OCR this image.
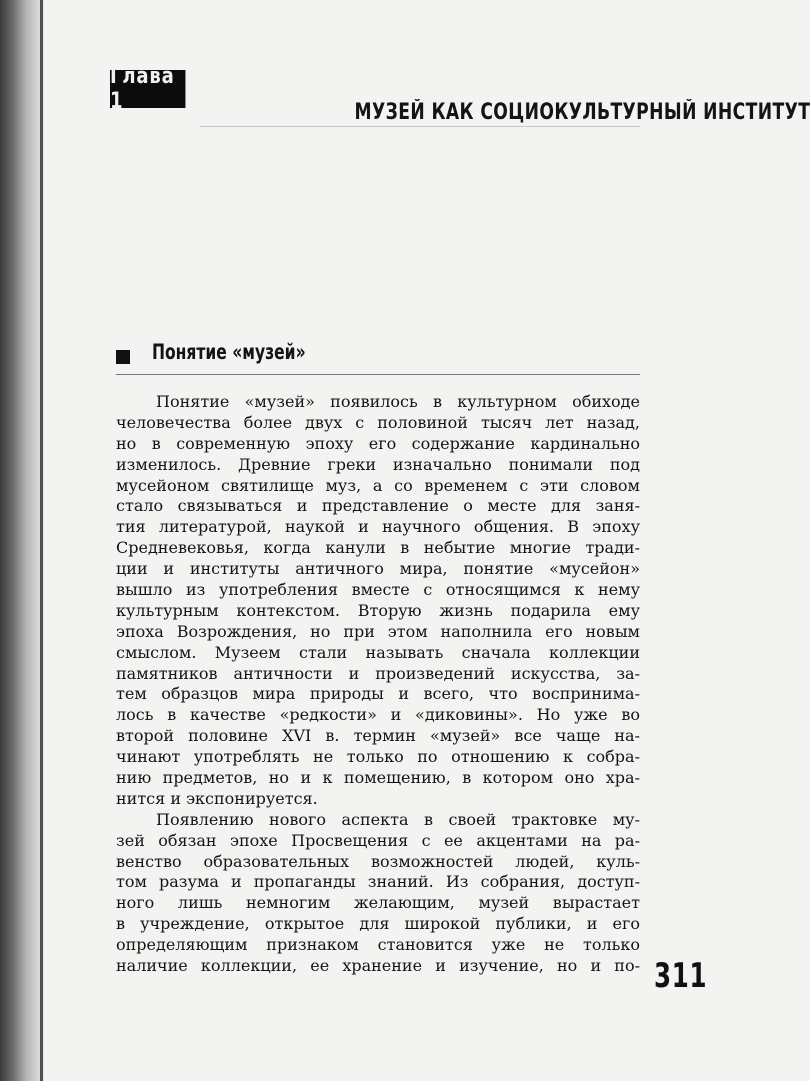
Глава 1	МУЗЕЙ КАК СОЦИОКУЛЬТУРНЫЙ ИНСТИТУТ
Понятие «музей»
Понятие «музей» появилось в культурном обиходе
человечества более двух с половиной тысяч лет назад,
но в современную эпоху его содержание кардинально
изменилось. Древние греки изначально понимали под
мусейоном святилище муз, а со временем с эти словом
стало связываться и представление о месте для заня-
тия литературой, наукой и научного общения. В эпоху
Средневековья, когда канули в небытие многие тради-
ции и институты античного мира, понятие «мусейон»
вышло из употребления вместе с относящимся к нему
культурным контекстом. Вторую жизнь подарила ему
эпоха Возрождения, но при этом наполнила его новым
смыслом. Музеем стали называть сначала коллекции
памятников античности и произведений искусства, за-
тем образцов мира природы и всего, что воспринима-
лось в качестве «редкости» и «диковины». Но уже во
второй половине XVI в. термин «музей» все чаще на-
чинают употреблять не только по отношению к собра-
нию предметов, но и к помещению, в котором оно хра-
нится и экспонируется.
Появлению нового аспекта в своей трактовке му-
зей обязан эпохе Просвещения с ее акцентами на ра-
венство образовательных возможностей людей, куль-
том разума и пропаганды знаний. Из собрания, доступ-
ного лишь немногим желающим, музей вырастает
в учреждение, открытое для широкой публики, и его
определяющим признаком становится уже не только
наличие коллекции, ее хранение и изучение, но и по- 311
